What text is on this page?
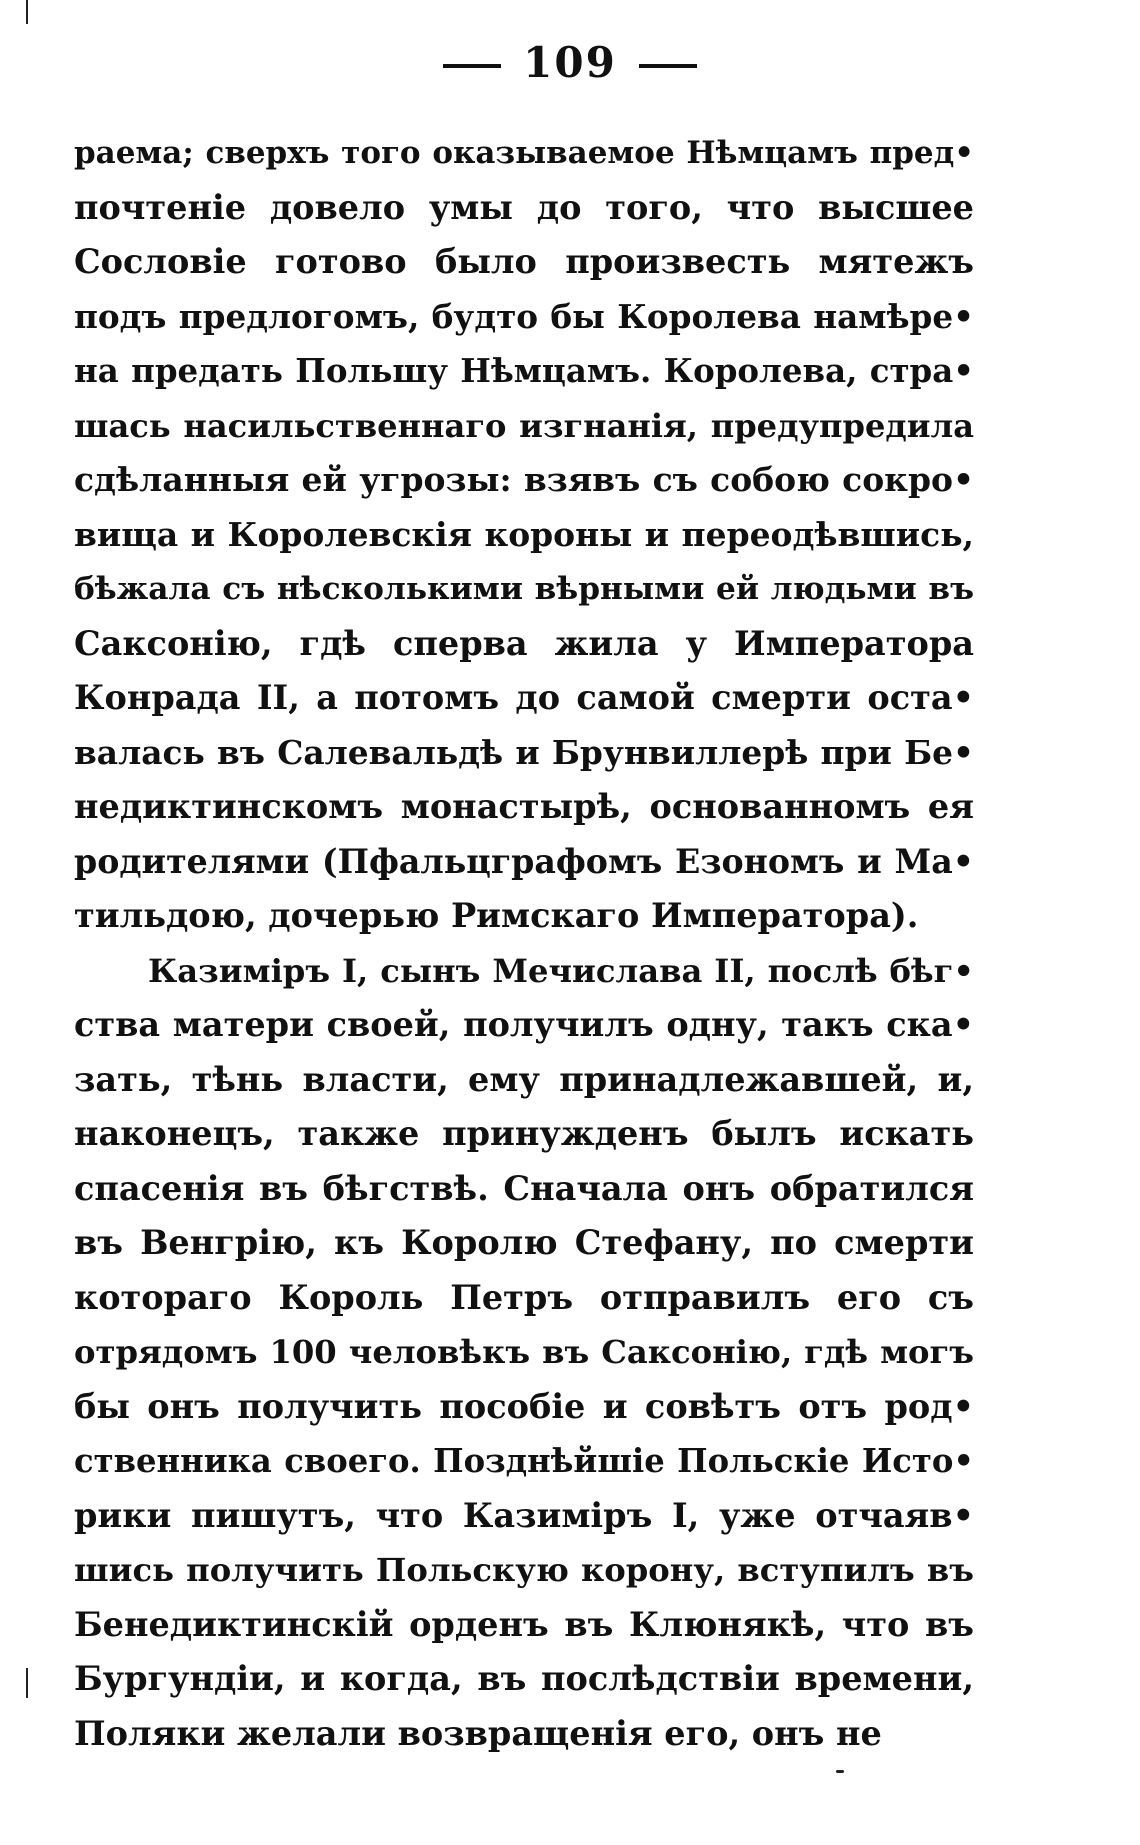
109
раема; сверхъ того оказываемое Нѣмцамъ пред•
почтеніе довело умы до того, что высшее
Сословіе готово было произвесть мятежъ
подъ предлогомъ, будто бы Королева намѣре•
на предать Польшу Нѣмцамъ. Королева, стра•
шась насильственнаго изгнанія, предупредила
сдѣланныя ей угрозы: взявъ съ собою сокро•
вища и Королевскія короны и переодѣвшись,
бѣжала съ нѣсколькими вѣрными ей людьми въ
Саксонію, гдѣ сперва жила у Императора
Конрада II, а потомъ до самой смерти оста•
валась въ Салевальдѣ и Брунвиллерѣ при Бе•
недиктинскомъ монастырѣ, основанномъ ея
родителями (Пфальцграфомъ Езономъ и Ма•
тильдою, дочерью Римскаго Императора).
Казиміръ I, сынъ Мечислава II, послѣ бѣг•
ства матери своей, получилъ одну, такъ ска•
зать, тѣнь власти, ему принадлежавшей, и,
наконецъ, также принужденъ былъ искать
спасенія въ бѣгствѣ. Сначала онъ обратился
въ Венгрію, къ Королю Стефану, по смерти
котораго Король Петръ отправилъ его съ
отрядомъ 100 человѣкъ въ Саксонію, гдѣ могъ
бы онъ получить пособіе и совѣтъ отъ род•
ственника своего. Позднѣйшіе Польскіе Исто•
рики пишутъ, что Казиміръ I, уже отчаяв•
шись получить Польскую корону, вступилъ въ
Бенедиктинскій орденъ въ Клюнякѣ, что въ
Бургундіи, и когда, въ послѣдствіи времени,
Поляки желали возвращенія его, онъ не
